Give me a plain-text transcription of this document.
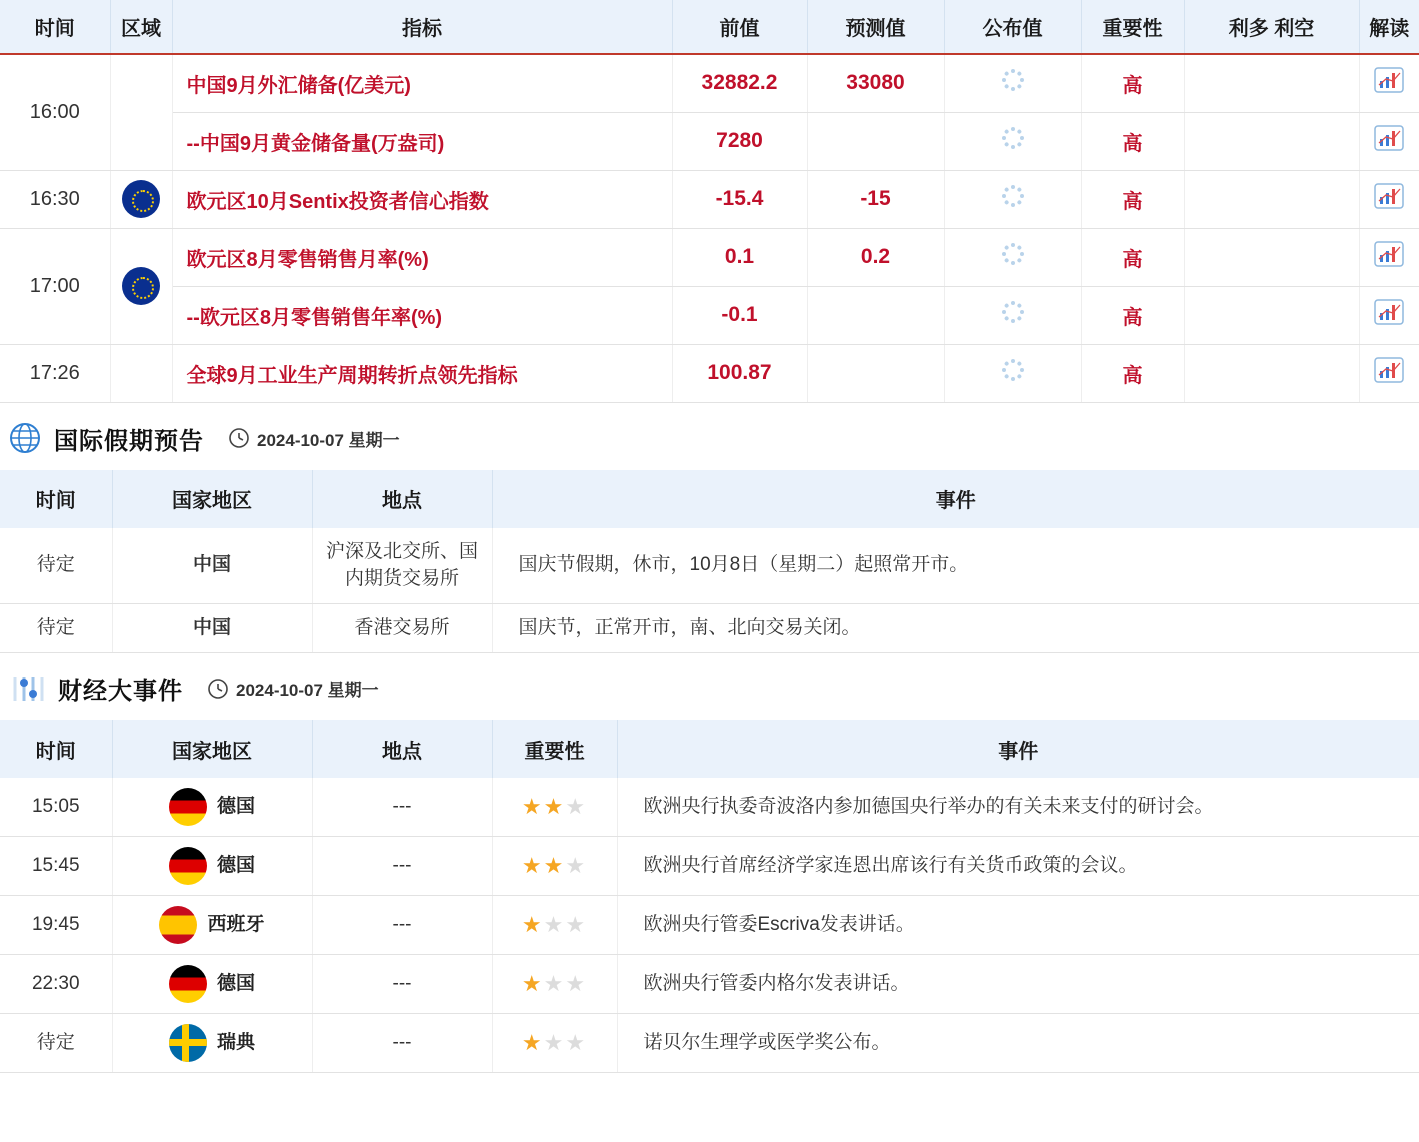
时间	区域	指标	前值	预测值	公布值	重要性	利多 利空	解读
16:00		中国9月外汇储备(亿美元)	32882.2	33080		高		
		--中国9月黄金储备量(万盎司)	7280			高		
16:30		欧元区10月Sentix投资者信心指数	-15.4	-15		高		
17:00		欧元区8月零售销售月率(%)	0.1	0.2		高		
		--欧元区8月零售销售年率(%)	-0.1			高		
17:26		全球9月工业生产周期转折点领先指标	100.87			高		
国际假期预告	2024-10-07 星期一
时间	国家地区	地点	事件
待定	中国	沪深及北交所、国内期货交易所	国庆节假期，休市，10月8日（星期二）起照常开市。
待定	中国	香港交易所	国庆节，正常开市，南、北向交易关闭。
财经大事件	2024-10-07 星期一
时间	国家地区	地点	重要性	事件
15:05	德国	---	★★★	欧洲央行执委奇波洛内参加德国央行举办的有关未来支付的研讨会。
15:45	德国	---	★★★	欧洲央行首席经济学家连恩出席该行有关货币政策的会议。
19:45	西班牙	---	★★★	欧洲央行管委Escriva发表讲话。
22:30	德国	---	★★★	欧洲央行管委内格尔发表讲话。
待定	瑞典	---	★★★	诺贝尔生理学或医学奖公布。
